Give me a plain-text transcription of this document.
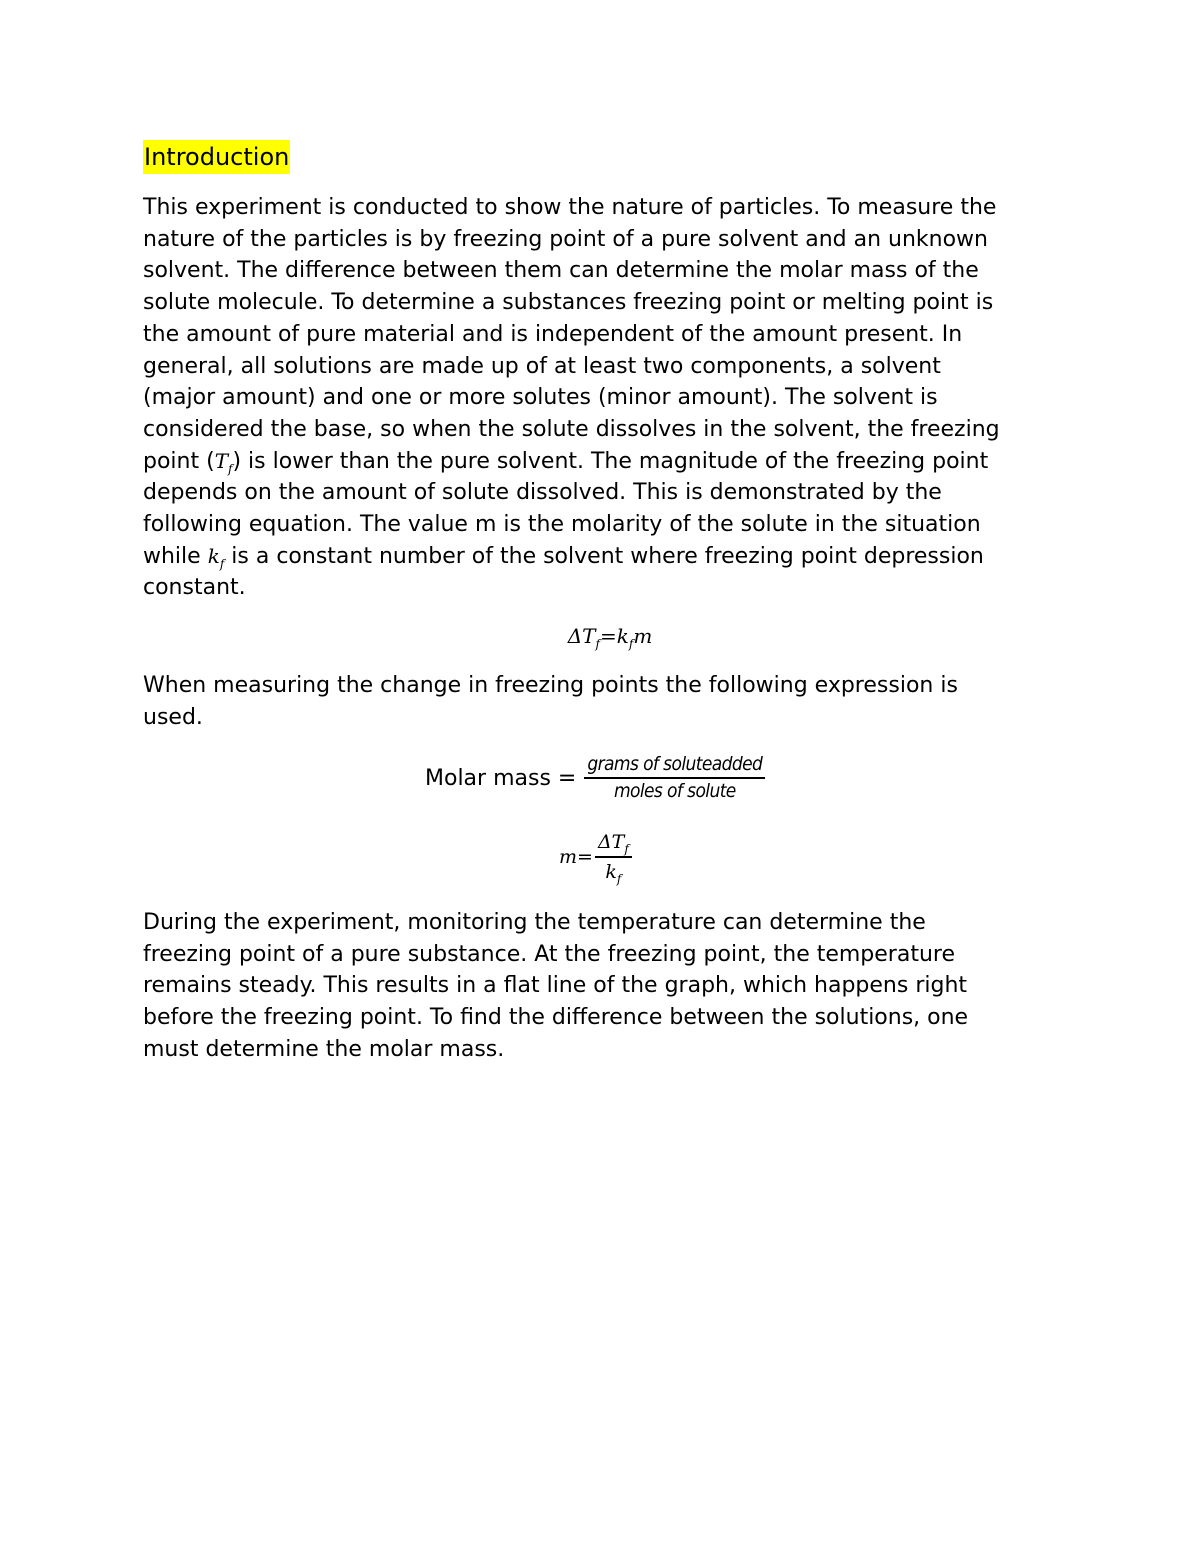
Introduction
This experiment is conducted to show the nature of particles. To measure the
nature of the particles is by freezing point of a pure solvent and an unknown
solvent. The difference between them can determine the molar mass of the
solute molecule. To determine a substances freezing point or melting point is
the amount of pure material and is independent of the amount present. In
general, all solutions are made up of at least two components, a solvent
(major amount) and one or more solutes (minor amount). The solvent is
considered the base, so when the solute dissolves in the solvent, the freezing
point $(T_f)$ is lower than the pure solvent. The magnitude of the freezing point
depends on the amount of solute dissolved. This is demonstrated by the
following equation. The value m is the molarity of the solute in the situation
while $k_f$ is a constant number of the solvent where freezing point depression
constant.
$\Delta T_f=k_fm$
When measuring the change in freezing points the following expression is
used.
Molar mass = $\frac{\text{grams of soluteadded}}{\text{moles of solute}}$
$m= \frac{\Delta T_f}{k_f}$
During the experiment, monitoring the temperature can determine the
freezing point of a pure substance. At the freezing point, the temperature
remains steady. This results in a flat line of the graph, which happens right
before the freezing point. To find the difference between the solutions, one
must determine the molar mass.
